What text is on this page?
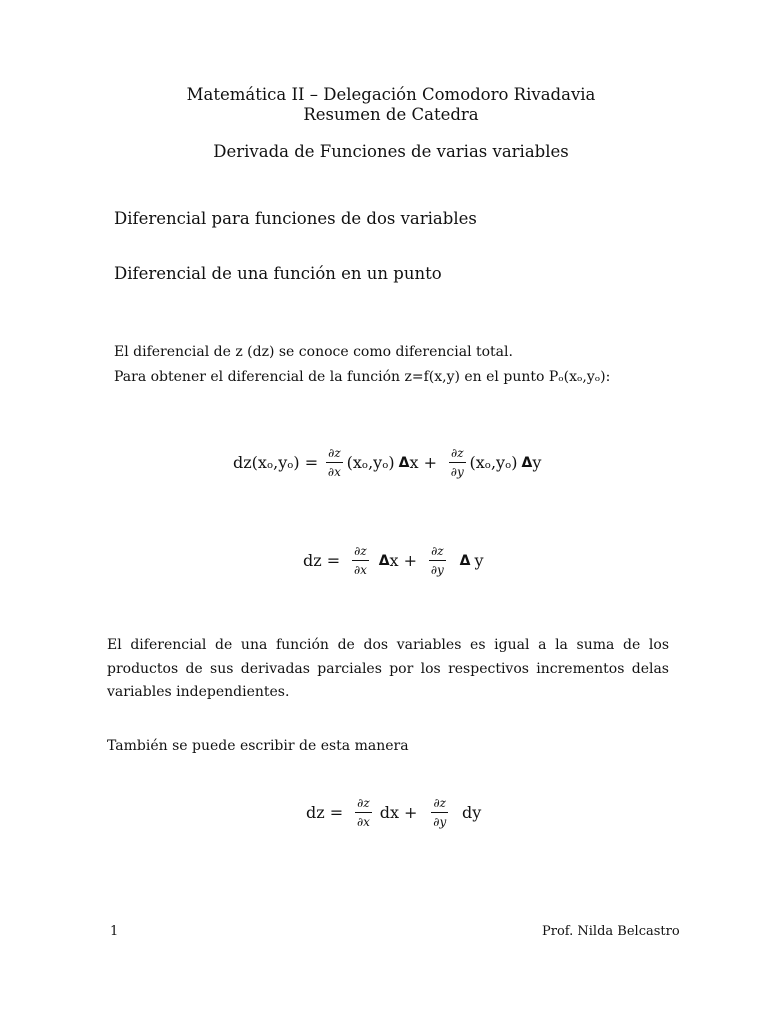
Matemática II – Delegación Comodoro Rivadavia
Resumen de Catedra
Derivada de Funciones de varias variables
Diferencial para funciones de dos variables
Diferencial de una función en un punto
El diferencial de z (dz) se conoce como diferencial total.
Para obtener el diferencial de la función z=f(x,y) en el punto Pₒ(xₒ,yₒ):
$dz(x_o,y_o) = \frac{\partial z}{\partial x} (x_o,y_o)$ Δ $x + \frac{\partial z}{\partial y} (x_o,y_o)$ Δ y
dz = $\frac{\partial z}{\partial x}$ Δ $x + \frac{\partial z}{\partial y}$ Δ y
El diferencial de una función de dos variables es igual a la suma de los productos de sus derivadas parciales por los respectivos incrementos delas variables independientes.
También se puede escribir de esta manera
dz = $\frac{\partial z}{\partial x}$ dx + $\frac{\partial z}{\partial y}$ dy
1	Prof. Nilda Belcastro
